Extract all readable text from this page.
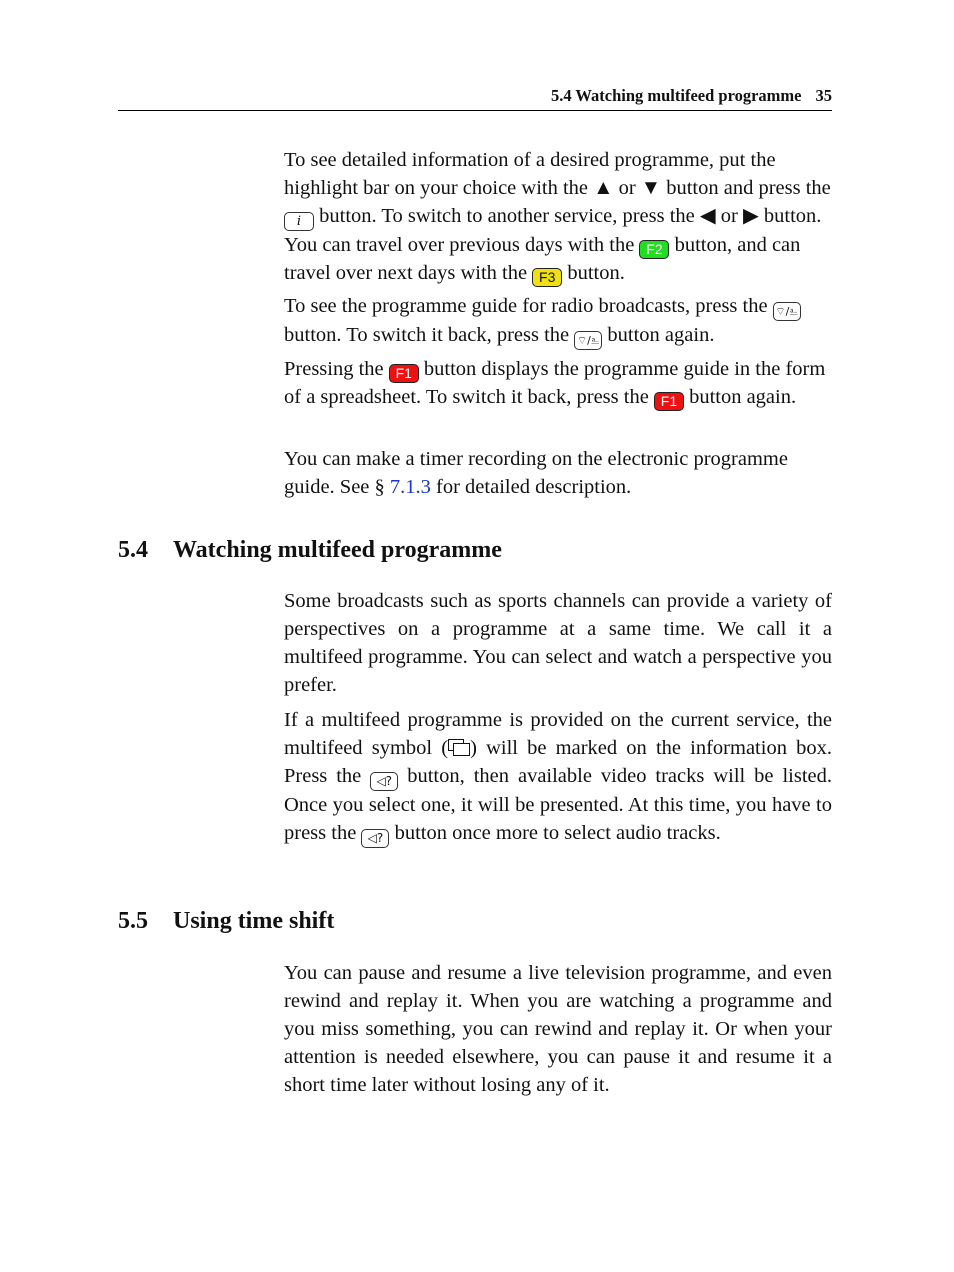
5.4 Watching multifeed programme 35

To see detailed information of a desired programme, put the highlight bar on your choice with the ▲ or ▼ button and press the i button. To switch to another service, press the ◀ or ▶ button. You can travel over previous days with the F2 button, and can travel over next days with the F3 button.

To see the programme guide for radio broadcasts, press the ⌔/⎁ button. To switch it back, press the ⌔/⎁ button again.

Pressing the F1 button displays the programme guide in the form of a spreadsheet. To switch it back, press the F1 button again.

You can make a timer recording on the electronic programme guide. See § 7.1.3 for detailed description.

5.4 Watching multifeed programme

Some broadcasts such as sports channels can provide a variety of perspectives on a programme at a same time. We call it a multifeed programme. You can select and watch a perspective you prefer.

If a multifeed programme is provided on the current service, the multifeed symbol ( ) will be marked on the information box. Press the ◁? button, then available video tracks will be listed. Once you select one, it will be presented. At this time, you have to press the ◁? button once more to select audio tracks.

5.5 Using time shift

You can pause and resume a live television programme, and even rewind and replay it. When you are watching a programme and you miss something, you can rewind and replay it. Or when your attention is needed elsewhere, you can pause it and resume it a short time later without losing any of it.
